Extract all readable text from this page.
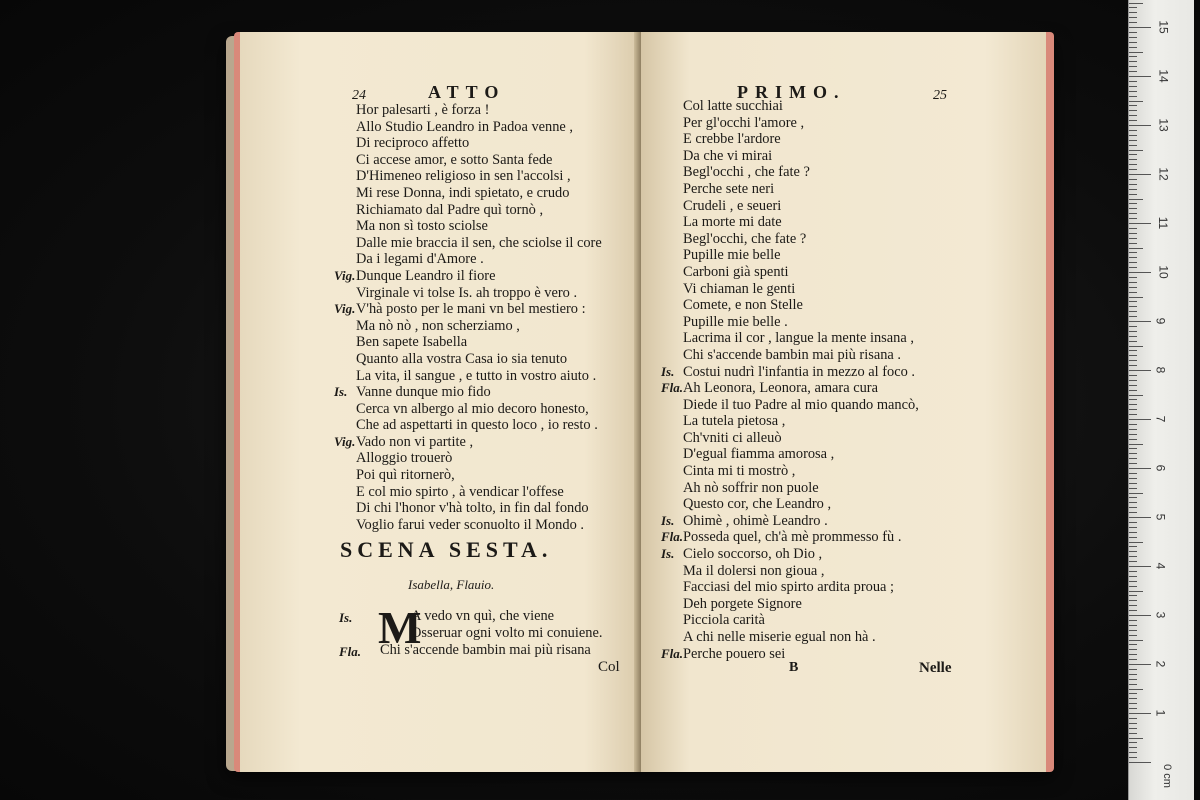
24	ATTO
Hor palesarti , è forza !
Allo Studio Leandro in Padoa venne ,
Di reciproco affetto
Ci accese amor, e sotto Santa fede
D'Himeneo religioso in sen l'accolsi ,
Mi rese Donna, indi spietato, e crudo
Richiamato dal Padre quì tornò ,
Ma non sì tosto sciolse
Dalle mie braccia il sen, che sciolse il core
Da i legami d'Amore .
Vig. Dunque Leandro il fiore
Virginale vi tolse Is. ah troppo è vero .
Vig. V'hà posto per le mani vn bel mestiero :
Ma nò nò , non scherziamo ,
Ben sapete Isabella
Quanto alla vostra Casa io sia tenuto
La vita, il sangue , e tutto in vostro aiuto .
Is. Vanne dunque mio fido
Cerca vn albergo al mio decoro honesto,
Che ad aspettarti in questo loco , io resto .
Vig. Vado non vi partite ,
Alloggio trouerò
Poi quì ritornerò,
E col mio spirto , à vendicar l'offese
Di chi l'honor v'hà tolto, in fin dal fondo
Voglio farui veder sconuolto il Mondo .
SCENA SESTA.
Isabella, Flauio.
Is. M
A vedo vn quì, che viene
Osseruar ogni volto mi conuiene.
Fla. Chi s'accende bambin mai più risana
Col
PRIMO.	25
Col latte succhiai
Per gl'occhi l'amore ,
E crebbe l'ardore
Da che vi mirai
Begl'occhi , che fate ?
Perche sete neri
Crudeli , e seueri
La morte mi date
Begl'occhi, che fate ?
Pupille mie belle
Carboni già spenti
Vi chiaman le genti
Comete, e non Stelle
Pupille mie belle .
Lacrima il cor , langue la mente insana ,
Chi s'accende bambin mai più risana .
Is. Costui nudrì l'infantia in mezzo al foco .
Fla. Ah Leonora, Leonora, amara cura
Diede il tuo Padre al mio quando mancò,
La tutela pietosa ,
Ch'vniti ci alleuò
D'egual fiamma amorosa ,
Cinta mi ti mostrò ,
Ah nò soffrir non puole
Questo cor, che Leandro ,
Is. Ohimè , ohimè Leandro .
Fla. Posseda quel, ch'à mè prommesso fù .
Is. Cielo soccorso, oh Dio ,
Ma il dolersi non gioua ,
Facciasi del mio spirto ardita proua ;
Deh porgete Signore
Picciola carità
A chi nelle miserie egual non hà .
Fla. Perche pouero sei
B	Nelle
0 cm
15
14
13
12
11
10
9
8
7
6
5
4
3
2
1
